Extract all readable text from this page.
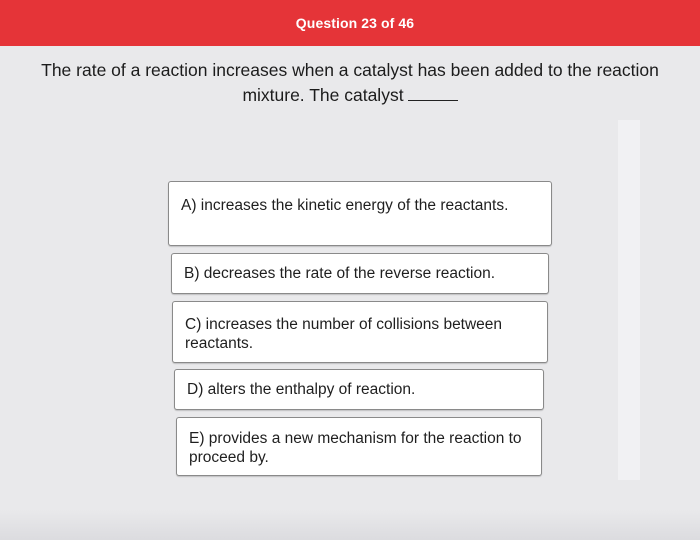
Question 23 of 46
The rate of a reaction increases when a catalyst has been added to the reaction mixture. The catalyst
A) increases the kinetic energy of the reactants.
B) decreases the rate of the reverse reaction.
C) increases the number of collisions between reactants.
D) alters the enthalpy of reaction.
E) provides a new mechanism for the reaction to proceed by.
